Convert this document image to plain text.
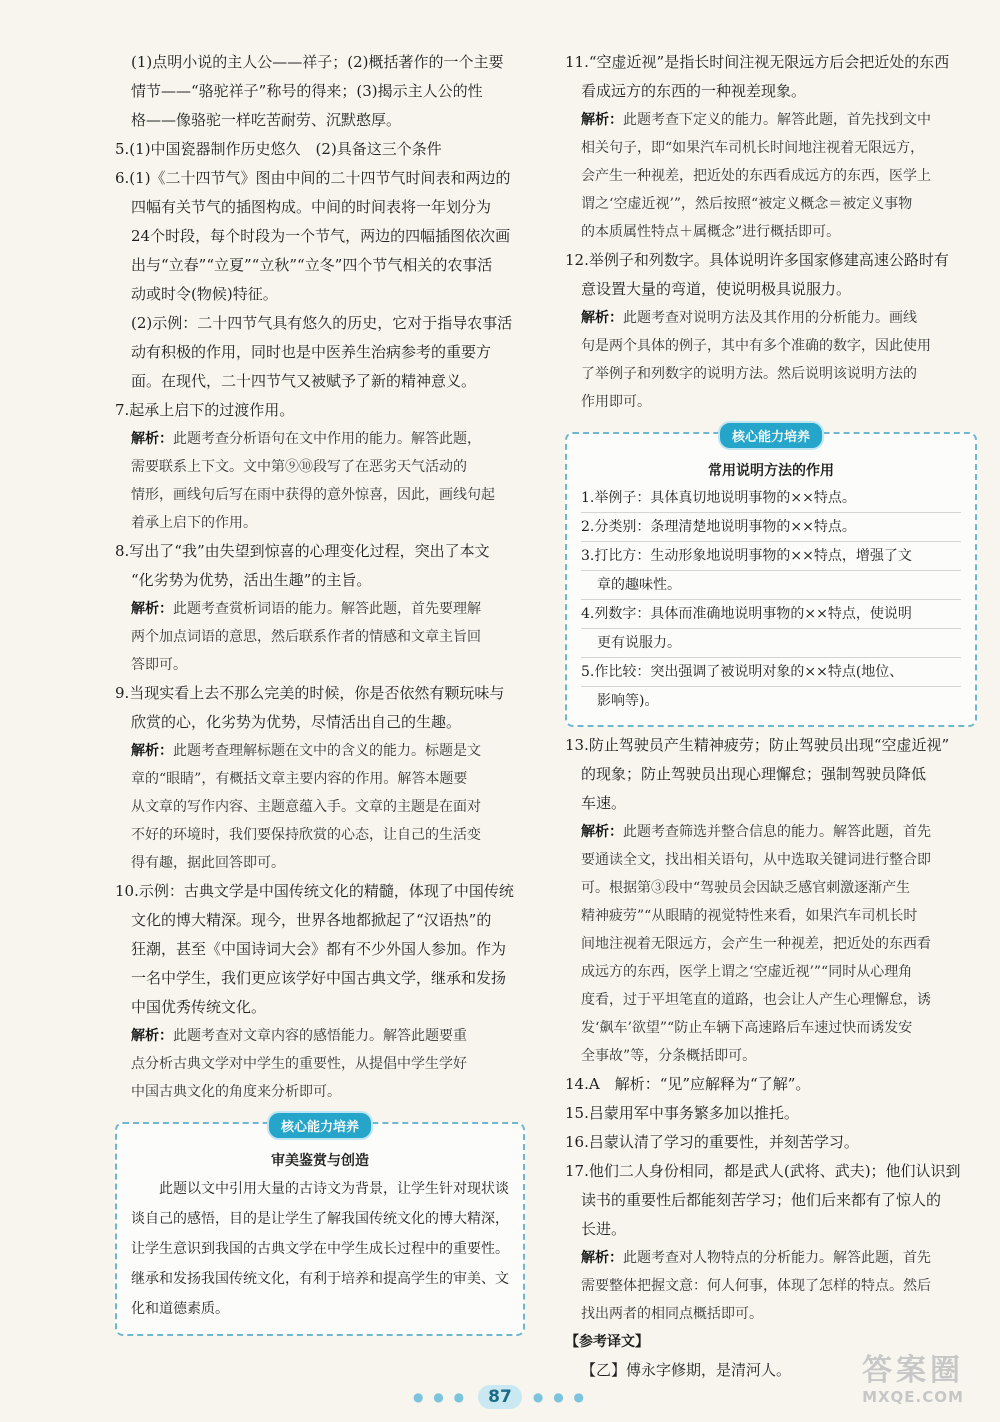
(1)点明小说的主人公——祥子；(2)概括著作的一个主要

情节——“骆驼祥子”称号的得来；(3)揭示主人公的性

格——像骆驼一样吃苦耐劳、沉默憨厚。

5.(1)中国瓷器制作历史悠久　(2)具备这三个条件

6.(1)《二十四节气》图由中间的二十四节气时间表和两边的

四幅有关节气的插图构成。中间的时间表将一年划分为

24个时段，每个时段为一个节气，两边的四幅插图依次画

出与“立春”“立夏”“立秋”“立冬”四个节气相关的农事活

动或时令(物候)特征。

(2)示例：二十四节气具有悠久的历史，它对于指导农事活

动有积极的作用，同时也是中医养生治病参考的重要方

面。在现代，二十四节气又被赋予了新的精神意义。

7.起承上启下的过渡作用。

解析：此题考查分析语句在文中作用的能力。解答此题，

需要联系上下文。文中第⑨⑩段写了在恶劣天气活动的

情形，画线句后写在雨中获得的意外惊喜，因此，画线句起

着承上启下的作用。

8.写出了“我”由失望到惊喜的心理变化过程，突出了本文

“化劣势为优势，活出生趣”的主旨。

解析：此题考查赏析词语的能力。解答此题，首先要理解

两个加点词语的意思，然后联系作者的情感和文章主旨回

答即可。

9.当现实看上去不那么完美的时候，你是否依然有颗玩味与

欣赏的心，化劣势为优势，尽情活出自己的生趣。

解析：此题考查理解标题在文中的含义的能力。标题是文

章的“眼睛”，有概括文章主要内容的作用。解答本题要

从文章的写作内容、主题意蕴入手。文章的主题是在面对

不好的环境时，我们要保持欣赏的心态，让自己的生活变

得有趣，据此回答即可。

10.示例：古典文学是中国传统文化的精髓，体现了中国传统

文化的博大精深。现今，世界各地都掀起了“汉语热”的

狂潮，甚至《中国诗词大会》都有不少外国人参加。作为

一名中学生，我们更应该学好中国古典文学，继承和发扬

中国优秀传统文化。

解析：此题考查对文章内容的感悟能力。解答此题要重

点分析古典文学对中学生的重要性，从提倡中学生学好

中国古典文化的角度来分析即可。

核心能力培养

审美鉴赏与创造

此题以文中引用大量的古诗文为背景，让学生针对现状谈谈自己的感悟，目的是让学生了解我国传统文化的博大精深，让学生意识到我国的古典文学在中学生成长过程中的重要性。继承和发扬我国传统文化，有利于培养和提高学生的审美、文化和道德素质。

11.“空虚近视”是指长时间注视无限远方后会把近处的东西

看成远方的东西的一种视差现象。

解析：此题考查下定义的能力。解答此题，首先找到文中

相关句子，即“如果汽车司机长时间地注视着无限远方，

会产生一种视差，把近处的东西看成远方的东西，医学上

谓之‘空虚近视’”，然后按照“被定义概念＝被定义事物

的本质属性特点＋属概念”进行概括即可。

12.举例子和列数字。具体说明许多国家修建高速公路时有

意设置大量的弯道，使说明极具说服力。

解析：此题考查对说明方法及其作用的分析能力。画线

句是两个具体的例子，其中有多个准确的数字，因此使用

了举例子和列数字的说明方法。然后说明该说明方法的

作用即可。

核心能力培养

常用说明方法的作用

1.举例子：具体真切地说明事物的××特点。

2.分类别：条理清楚地说明事物的××特点。

3.打比方：生动形象地说明事物的××特点，增强了文

章的趣味性。

4.列数字：具体而准确地说明事物的××特点，使说明

更有说服力。

5.作比较：突出强调了被说明对象的××特点(地位、

影响等)。

13.防止驾驶员产生精神疲劳；防止驾驶员出现“空虚近视”

的现象；防止驾驶员出现心理懈怠；强制驾驶员降低

车速。

解析：此题考查筛选并整合信息的能力。解答此题，首先

要通读全文，找出相关语句，从中选取关键词进行整合即

可。根据第③段中“驾驶员会因缺乏感官刺激逐渐产生

精神疲劳”“从眼睛的视觉特性来看，如果汽车司机长时

间地注视着无限远方，会产生一种视差，把近处的东西看

成远方的东西，医学上谓之‘空虚近视’”“同时从心理角

度看，过于平坦笔直的道路，也会让人产生心理懈怠，诱

发‘飙车’欲望”“防止车辆下高速路后车速过快而诱发安

全事故”等，分条概括即可。

14.A　解析：“见”应解释为“了解”。

15.吕蒙用军中事务繁多加以推托。

16.吕蒙认清了学习的重要性，并刻苦学习。

17.他们二人身份相同，都是武人(武将、武夫)；他们认识到

读书的重要性后都能刻苦学习；他们后来都有了惊人的

长进。

解析：此题考查对人物特点的分析能力。解答此题，首先

需要整体把握文意：何人何事，体现了怎样的特点。然后

找出两者的相同点概括即可。

【参考译文】

【乙】傅永字修期，是清河人。

● ● ● 87 ● ● ●
答案圈
MXQE.COM
